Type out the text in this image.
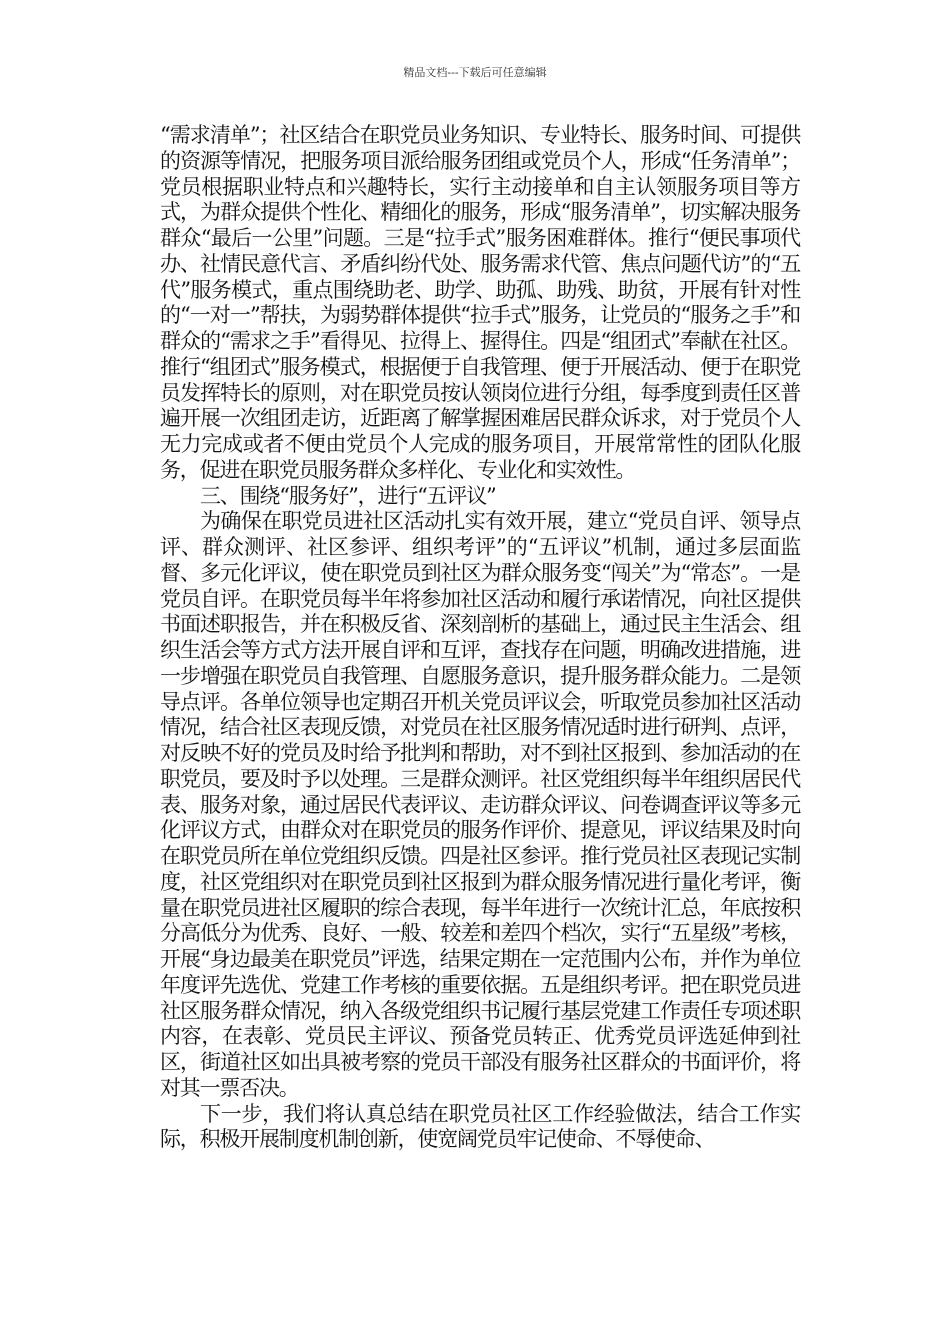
精品文档---下载后可任意编辑

“需求清单”；社区结合在职党员业务知识、专业特长、服务时间、可提供的资源等情况，把服务项目派给服务团组或党员个人，形成“任务清单”；党员根据职业特点和兴趣特长，实行主动接单和自主认领服务项目等方式，为群众提供个性化、精细化的服务，形成“服务清单”，切实解决服务群众“最后一公里”问题。三是“拉手式”服务困难群体。推行“便民事项代办、社情民意代言、矛盾纠纷代处、服务需求代管、焦点问题代访”的“五代”服务模式，重点围绕助老、助学、助孤、助残、助贫，开展有针对性的“一对一”帮扶，为弱势群体提供“拉手式”服务，让党员的“服务之手”和群众的“需求之手”看得见、拉得上、握得住。四是“组团式”奉献在社区。推行“组团式”服务模式，根据便于自我管理、便于开展活动、便于在职党员发挥特长的原则，对在职党员按认领岗位进行分组，每季度到责任区普遍开展一次组团走访，近距离了解掌握困难居民群众诉求，对于党员个人无力完成或者不便由党员个人完成的服务项目，开展常常性的团队化服务，促进在职党员服务群众多样化、专业化和实效性。

三、围绕“服务好”，进行“五评议”

为确保在职党员进社区活动扎实有效开展，建立“党员自评、领导点评、群众测评、社区参评、组织考评”的“五评议”机制，通过多层面监督、多元化评议，使在职党员到社区为群众服务变“闯关”为“常态”。一是党员自评。在职党员每半年将参加社区活动和履行承诺情况，向社区提供书面述职报告，并在积极反省、深刻剖析的基础上，通过民主生活会、组织生活会等方式方法开展自评和互评，查找存在问题，明确改进措施，进一步增强在职党员自我管理、自愿服务意识，提升服务群众能力。二是领导点评。各单位领导也定期召开机关党员评议会，听取党员参加社区活动情况，结合社区表现反馈，对党员在社区服务情况适时进行研判、点评，对反映不好的党员及时给予批判和帮助，对不到社区报到、参加活动的在职党员，要及时予以处理。三是群众测评。社区党组织每半年组织居民代表、服务对象，通过居民代表评议、走访群众评议、问卷调查评议等多元化评议方式，由群众对在职党员的服务作评价、提意见，评议结果及时向在职党员所在单位党组织反馈。四是社区参评。推行党员社区表现记实制度，社区党组织对在职党员到社区报到为群众服务情况进行量化考评，衡量在职党员进社区履职的综合表现，每半年进行一次统计汇总，年底按积分高低分为优秀、良好、一般、较差和差四个档次，实行“五星级”考核，开展“身边最美在职党员”评选，结果定期在一定范围内公布，并作为单位年度评先选优、党建工作考核的重要依据。五是组织考评。把在职党员进社区服务群众情况，纳入各级党组织书记履行基层党建工作责任专项述职内容，在表彰、党员民主评议、预备党员转正、优秀党员评选延伸到社区，街道社区如出具被考察的党员干部没有服务社区群众的书面评价，将对其一票否决。

下一步，我们将认真总结在职党员社区工作经验做法，结合工作实际，积极开展制度机制创新，使宽阔党员牢记使命、不辱使命、
